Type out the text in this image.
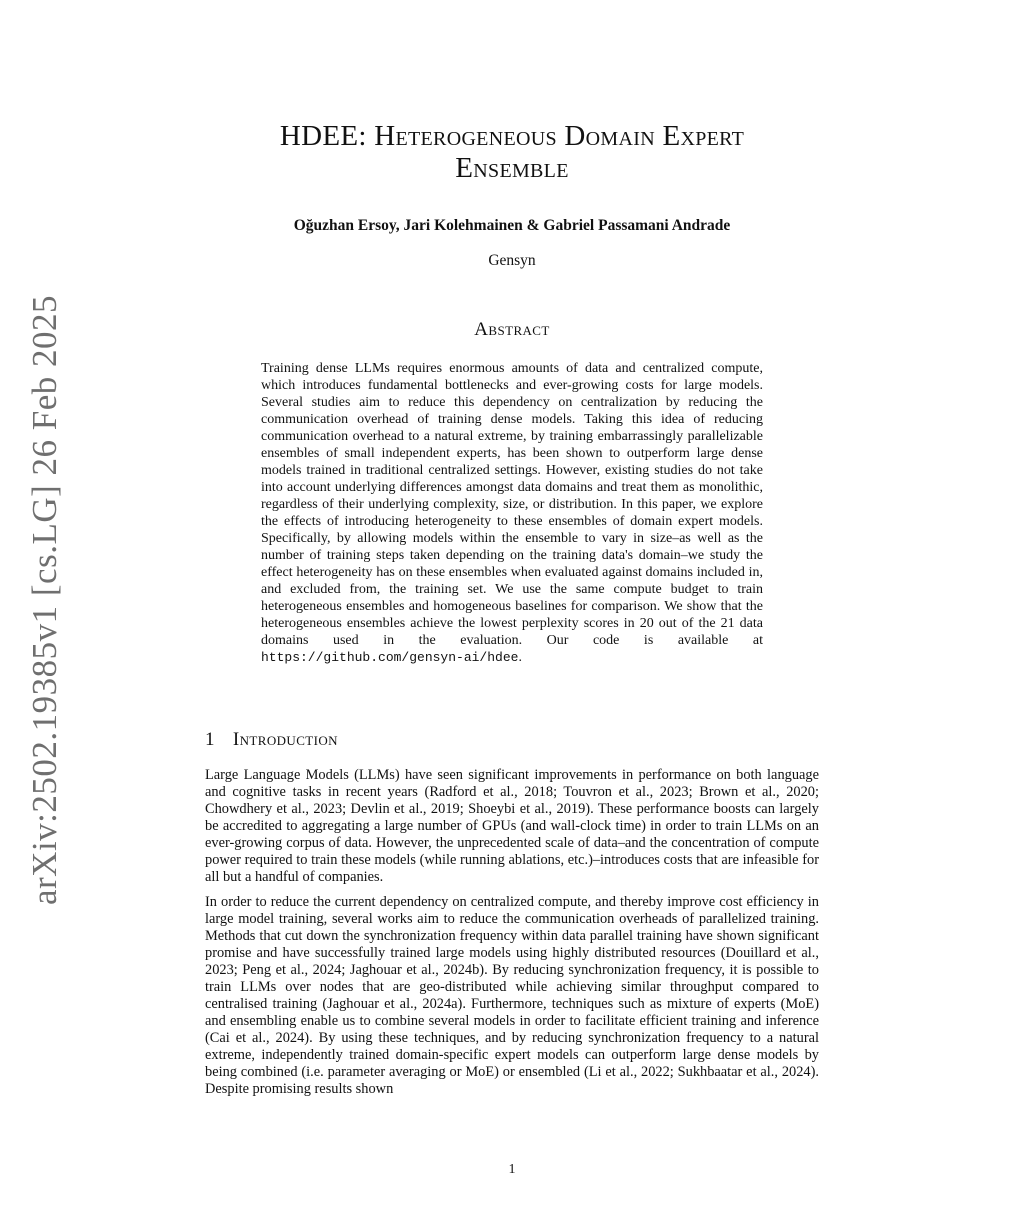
arXiv:2502.19385v1 [cs.LG] 26 Feb 2025
HDEE: Heterogeneous Domain Expert
Ensemble
Oğuzhan Ersoy, Jari Kolehmainen & Gabriel Passamani Andrade
Gensyn
Abstract
Training dense LLMs requires enormous amounts of data and centralized compute, which introduces fundamental bottlenecks and ever-growing costs for large models. Several studies aim to reduce this dependency on centralization by reducing the communication overhead of training dense models. Taking this idea of reducing communication overhead to a natural extreme, by training embarrassingly parallelizable ensembles of small independent experts, has been shown to outperform large dense models trained in traditional centralized settings. However, existing studies do not take into account underlying differences amongst data domains and treat them as monolithic, regardless of their underlying complexity, size, or distribution. In this paper, we explore the effects of introducing heterogeneity to these ensembles of domain expert models. Specifically, by allowing models within the ensemble to vary in size–as well as the number of training steps taken depending on the training data's domain–we study the effect heterogeneity has on these ensembles when evaluated against domains included in, and excluded from, the training set. We use the same compute budget to train heterogeneous ensembles and homogeneous baselines for comparison. We show that the heterogeneous ensembles achieve the lowest perplexity scores in 20 out of the 21 data domains used in the evaluation. Our code is available at https://github.com/gensyn-ai/hdee.
1 Introduction

Large Language Models (LLMs) have seen significant improvements in performance on both language and cognitive tasks in recent years (Radford et al., 2018; Touvron et al., 2023; Brown et al., 2020; Chowdhery et al., 2023; Devlin et al., 2019; Shoeybi et al., 2019). These performance boosts can largely be accredited to aggregating a large number of GPUs (and wall-clock time) in order to train LLMs on an ever-growing corpus of data. However, the unprecedented scale of data–and the concentration of compute power required to train these models (while running ablations, etc.)–introduces costs that are infeasible for all but a handful of companies.

In order to reduce the current dependency on centralized compute, and thereby improve cost efficiency in large model training, several works aim to reduce the communication overheads of parallelized training. Methods that cut down the synchronization frequency within data parallel training have shown significant promise and have successfully trained large models using highly distributed resources (Douillard et al., 2023; Peng et al., 2024; Jaghouar et al., 2024b). By reducing synchronization frequency, it is possible to train LLMs over nodes that are geo-distributed while achieving similar throughput compared to centralised training (Jaghouar et al., 2024a). Furthermore, techniques such as mixture of experts (MoE) and ensembling enable us to combine several models in order to facilitate efficient training and inference (Cai et al., 2024). By using these techniques, and by reducing synchronization frequency to a natural extreme, independently trained domain-specific expert models can outperform large dense models by being combined (i.e. parameter averaging or MoE) or ensembled (Li et al., 2022; Sukhbaatar et al., 2024). Despite promising results shown

1
